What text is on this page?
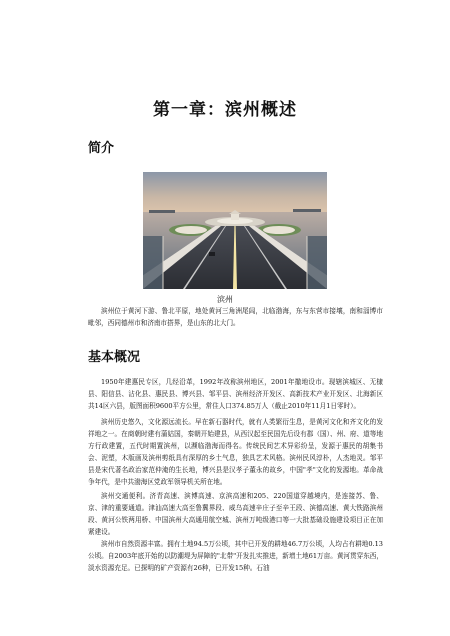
第一章：滨州概述
简介
滨州
滨州位于黄河下游、鲁北平原，地处黄河三角洲尾闾，北临渤海，东与东营市接壤，南和淄博市毗邻，西同德州市和济南市搭界，是山东的北大门。
基本概况
1950年建惠民专区，几经沿革，1992年改称滨州地区，2001年撤地设市。现辖滨城区、无棣县、阳信县、沾化县、惠民县、博兴县、邹平县、滨州经济开发区、高新技术产业开发区、北海新区共14区六县，版图面积9600平方公里，常住人口374.85万人（截止2010年11月1日零时）。
滨州历史悠久，文化源远流长。早在新石器时代，就有人类繁衍生息，是黄河文化和齐文化的发祥地之一。在商朝时建有蒲姑国，秦朝开始建县，从西汉起至民国先后设有郡（国）、州、府、道等地方行政建置，五代时期置滨州，以濒临渤海而得名。传统民间艺术异彩纷呈，发源于惠民的胡集书会、泥塑，木版画及滨州剪纸具有深厚的乡土气息，独具艺术风格。滨州民风淳朴，人杰地灵。邹平县是宋代著名政治家范仲淹的生长地，博兴县是汉孝子董永的故乡，中国"孝"文化的发源地。革命战争年代，是中共渤海区党政军领导机关所在地。
滨州交通便利。济青高速、滨博高速、京滨高速和205、220国道穿越境内，是连接苏、鲁、京、津的重要通道。津汕高速大高至鲁冀界段、威乌高速辛庄子至辛王段、滨德高速、黄大铁路滨州段、黄河公铁两用桥、中国滨州大高通用航空城、滨州万吨级港口等一大批基础设施建设项目正在加紧建设。
滨州市自然资源丰富。拥有土地94.5万公顷，其中已开发的耕地46.7万公顷，人均占有耕地0.13公顷。自2003年底开始的以防潮堤为屏障的"北带"开发扎实推进，新增土地61万亩。黄河贯穿东西，淡水资源充足。已探明的矿产资源有26种，已开发15种。石油
